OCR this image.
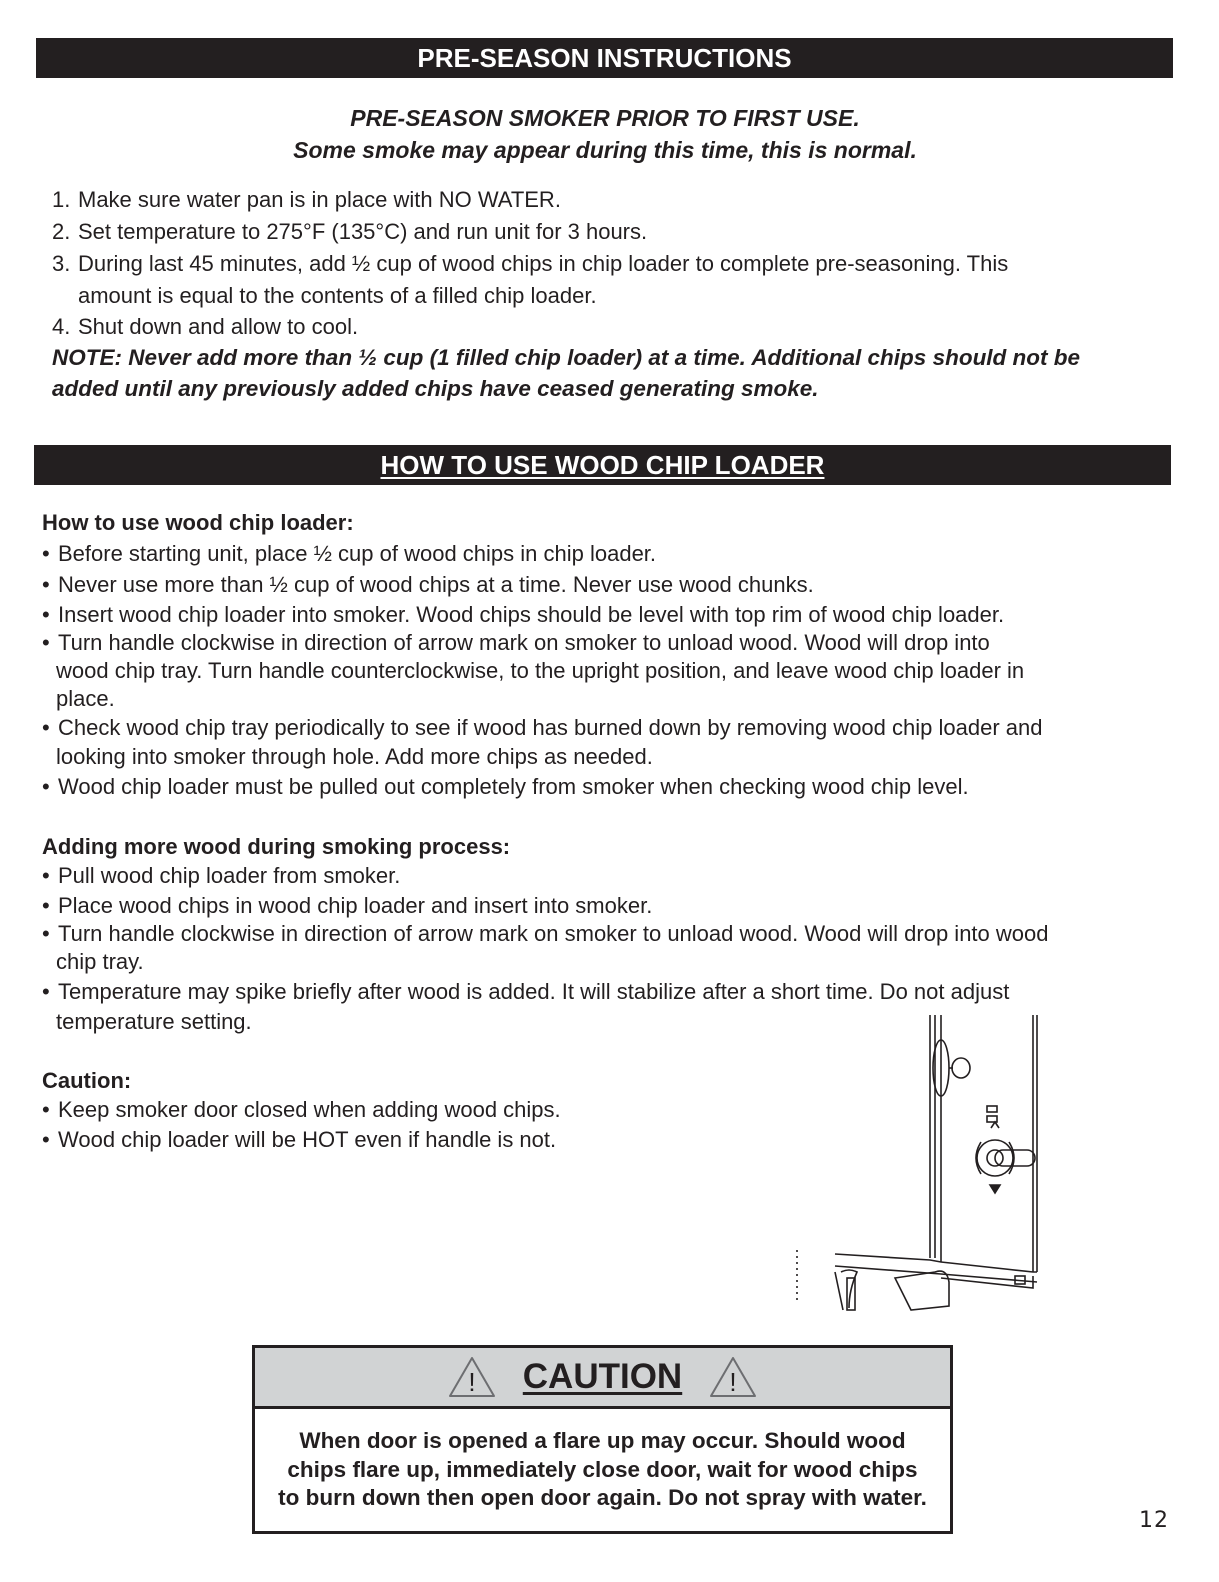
PRE-SEASON INSTRUCTIONS
PRE-SEASON SMOKER PRIOR TO FIRST USE.
Some smoke may appear during this time, this is normal.
1. Make sure water pan is in place with NO WATER.
2. Set temperature to 275°F (135°C) and run unit for 3 hours.
3. During last 45 minutes, add ½ cup of wood chips in chip loader to complete pre-seasoning. This
amount is equal to the contents of a filled chip loader.
4. Shut down and allow to cool.
NOTE: Never add more than ½ cup (1 filled chip loader) at a time. Additional chips should not be
added until any previously added chips have ceased generating smoke.
HOW TO USE WOOD CHIP LOADER
How to use wood chip loader:
• Before starting unit, place ½ cup of wood chips in chip loader.
• Never use more than ½ cup of wood chips at a time. Never use wood chunks.
• Insert wood chip loader into smoker. Wood chips should be level with top rim of wood chip loader.
• Turn handle clockwise in direction of arrow mark on smoker to unload wood. Wood will drop into
wood chip tray. Turn handle counterclockwise, to the upright position, and leave wood chip loader in
place.
• Check wood chip tray periodically to see if wood has burned down by removing wood chip loader and
looking into smoker through hole. Add more chips as needed.
• Wood chip loader must be pulled out completely from smoker when checking wood chip level.
Adding more wood during smoking process:
• Pull wood chip loader from smoker.
• Place wood chips in wood chip loader and insert into smoker.
• Turn handle clockwise in direction of arrow mark on smoker to unload wood. Wood will drop into wood
chip tray.
• Temperature may spike briefly after wood is added. It will stabilize after a short time. Do not adjust
temperature setting.
Caution:
• Keep smoker door closed when adding wood chips.
• Wood chip loader will be HOT even if handle is not.
! CAUTION !
When door is opened a flare up may occur. Should wood
chips flare up, immediately close door, wait for wood chips
to burn down then open door again. Do not spray with water.
12
